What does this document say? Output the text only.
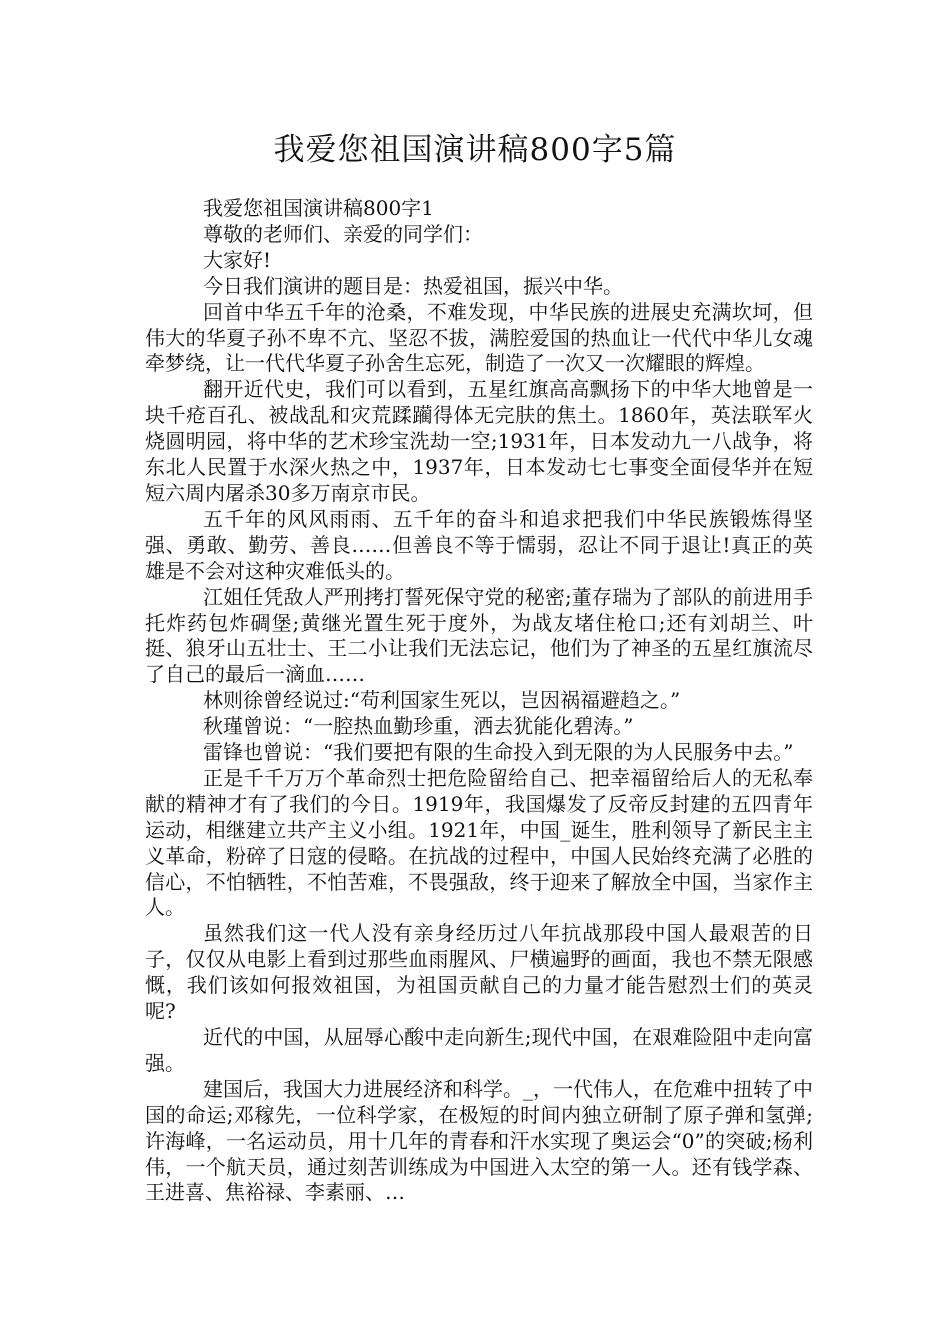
我爱您祖国演讲稿800字5篇

我爱您祖国演讲稿800字1

尊敬的老师们、亲爱的同学们：

大家好!

今日我们演讲的题目是：热爱祖国，振兴中华。

回首中华五千年的沧桑，不难发现，中华民族的进展史充满坎坷，但伟大的华夏子孙不卑不亢、坚忍不拔，满腔爱国的热血让一代代中华儿女魂牵梦绕，让一代代华夏子孙舍生忘死，制造了一次又一次耀眼的辉煌。

翻开近代史，我们可以看到，五星红旗高高飘扬下的中华大地曾是一块千疮百孔、被战乱和灾荒蹂躏得体无完肤的焦土。1860年，英法联军火烧圆明园，将中华的艺术珍宝洗劫一空;1931年，日本发动九一八战争，将东北人民置于水深火热之中，1937年，日本发动七七事变全面侵华并在短短六周内屠杀30多万南京市民。

五千年的风风雨雨、五千年的奋斗和追求把我们中华民族锻炼得坚强、勇敢、勤劳、善良……但善良不等于懦弱，忍让不同于退让!真正的英雄是不会对这种灾难低头的。

江姐任凭敌人严刑拷打誓死保守党的秘密;董存瑞为了部队的前进用手托炸药包炸碉堡;黄继光置生死于度外，为战友堵住枪口;还有刘胡兰、叶挺、狼牙山五壮士、王二小让我们无法忘记，他们为了神圣的五星红旗流尽了自己的最后一滴血……

林则徐曾经说过:“苟利国家生死以，岂因祸福避趋之。”

秋瑾曾说：“一腔热血勤珍重，洒去犹能化碧涛。”

雷锋也曾说：“我们要把有限的生命投入到无限的为人民服务中去。”

正是千千万万个革命烈士把危险留给自己、把幸福留给后人的无私奉献的精神才有了我们的今日。1919年，我国爆发了反帝反封建的五四青年运动，相继建立共产主义小组。1921年，中国_诞生，胜利领导了新民主主义革命，粉碎了日寇的侵略。在抗战的过程中，中国人民始终充满了必胜的信心，不怕牺牲，不怕苦难，不畏强敌，终于迎来了解放全中国，当家作主人。

虽然我们这一代人没有亲身经历过八年抗战那段中国人最艰苦的日子，仅仅从电影上看到过那些血雨腥风、尸横遍野的画面，我也不禁无限感慨，我们该如何报效祖国，为祖国贡献自己的力量才能告慰烈士们的英灵呢?

近代的中国，从屈辱心酸中走向新生;现代中国，在艰难险阻中走向富强。

建国后，我国大力进展经济和科学。_，一代伟人，在危难中扭转了中国的命运;邓稼先，一位科学家，在极短的时间内独立研制了原子弹和氢弹;许海峰，一名运动员，用十几年的青春和汗水实现了奥运会“0”的突破;杨利伟，一个航天员，通过刻苦训练成为中国进入太空的第一人。还有钱学森、王进喜、焦裕禄、李素丽、…
